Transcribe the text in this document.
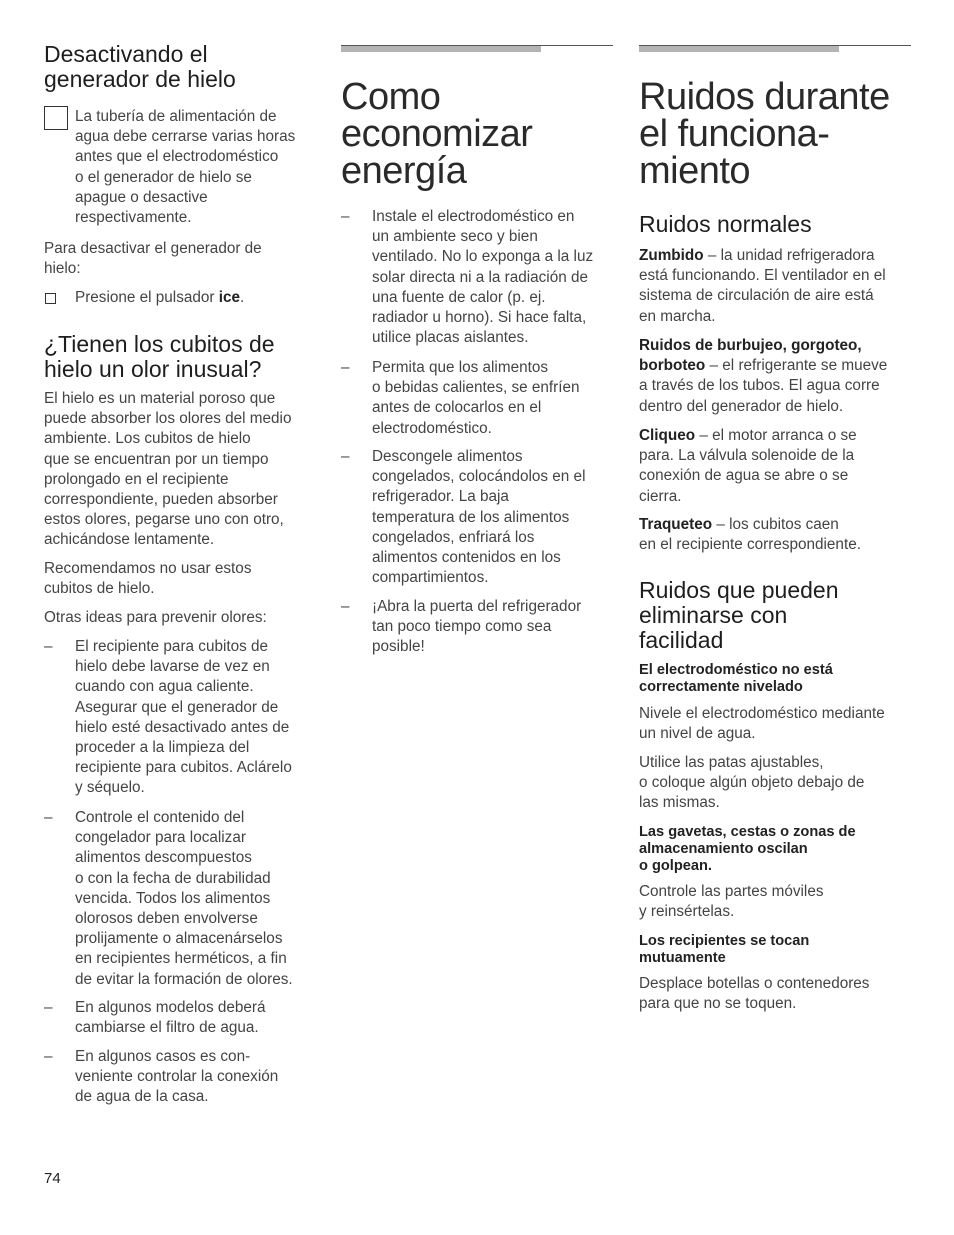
Desactivando el
generador de hielo

La tubería de alimentación de
agua debe cerrarse varias horas
antes que el electrodoméstico
o el generador de hielo se
apague o desactive
respectivamente.

Para desactivar el generador de
hielo:

Presione el pulsador ice.

¿Tienen los cubitos de
hielo un olor inusual?

El hielo es un material poroso que
puede absorber los olores del medio
ambiente. Los cubitos de hielo
que se encuentran por un tiempo
prolongado en el recipiente
correspondiente, pueden absorber
estos olores, pegarse uno con otro,
achicándose lentamente.

Recomendamos no usar estos
cubitos de hielo.

Otras ideas para prevenir olores:

– El recipiente para cubitos de
hielo debe lavarse de vez en
cuando con agua caliente.
Asegurar que el generador de
hielo esté desactivado antes de
proceder a la limpieza del
recipiente para cubitos. Aclárelo
y séquelo.

– Controle el contenido del
congelador para localizar
alimentos descompuestos
o con la fecha de durabilidad
vencida. Todos los alimentos
olorosos deben envolverse
prolijamente o almacenárselos
en recipientes herméticos, a fin
de evitar la formación de olores.

– En algunos modelos deberá
cambiarse el filtro de agua.

– En algunos casos es con-
veniente controlar la conexión
de agua de la casa.

Como
economizar
energía

– Instale el electrodoméstico en
un ambiente seco y bien
ventilado. No lo exponga a la luz
solar directa ni a la radiación de
una fuente de calor (p. ej.
radiador u horno). Si hace falta,
utilice placas aislantes.

– Permita que los alimentos
o bebidas calientes, se enfríen
antes de colocarlos en el
electrodoméstico.

– Descongele alimentos
congelados, colocándolos en el
refrigerador. La baja
temperatura de los alimentos
congelados, enfriará los
alimentos contenidos en los
compartimientos.

– ¡Abra la puerta del refrigerador
tan poco tiempo como sea
posible!

Ruidos durante
el funciona-
miento
Ruidos normales

Zumbido – la unidad refrigeradora
está funcionando. El ventilador en el
sistema de circulación de aire está
en marcha.

Ruidos de burbujeo, gorgoteo,
borboteo – el refrigerante se mueve
a través de los tubos. El agua corre
dentro del generador de hielo.

Cliqueo – el motor arranca o se
para. La válvula solenoide de la
conexión de agua se abre o se
cierra.

Traqueteo – los cubitos caen
en el recipiente correspondiente.

Ruidos que pueden
eliminarse con
facilidad

El electrodoméstico no está
correctamente nivelado

Nivele el electrodoméstico mediante
un nivel de agua.

Utilice las patas ajustables,
o coloque algún objeto debajo de
las mismas.

Las gavetas, cestas o zonas de
almacenamiento oscilan
o golpean.

Controle las partes móviles
y reinsértelas.

Los recipientes se tocan
mutuamente

Desplace botellas o contenedores
para que no se toquen.

74
